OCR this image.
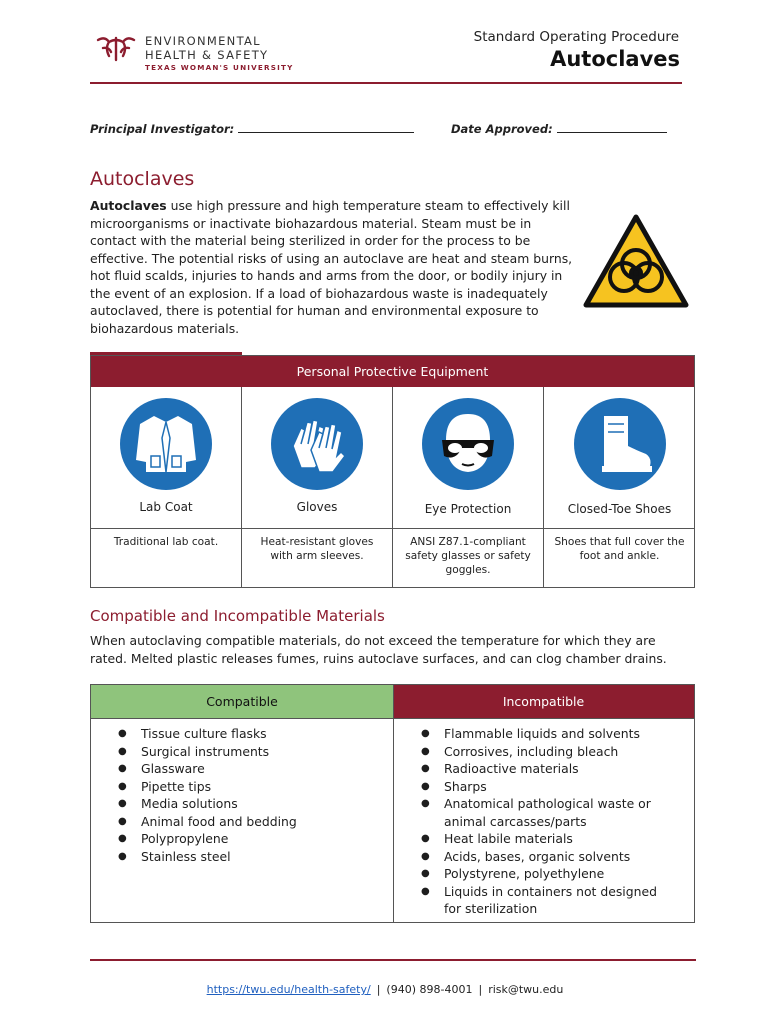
ENVIRONMENTAL
HEALTH & SAFETY
TEXAS WOMAN'S UNIVERSITY
Standard Operating Procedure
Autoclaves
Principal Investigator:	Date Approved:
Autoclaves
Autoclaves use high pressure and high temperature steam to effectively kill microorganisms or inactivate biohazardous material. Steam must be in contact with the material being sterilized in order for the process to be effective. The potential risks of using an autoclave are heat and steam burns, hot fluid scalds, injuries to hands and arms from the door, or bodily injury in the event of an explosion. If a load of biohazardous waste is inadequately autoclaved, there is potential for human and environmental exposure to biohazardous materials.
Personal Protective Equipment
Lab Coat
Traditional lab coat.
Gloves
Heat-resistant gloves with arm sleeves.
Eye Protection
ANSI Z87.1-compliant safety glasses or safety goggles.
Closed-Toe Shoes
Shoes that full cover the foot and ankle.
Compatible and Incompatible Materials
When autoclaving compatible materials, do not exceed the temperature for which they are rated. Melted plastic releases fumes, ruins autoclave surfaces, and can clog chamber drains.
Compatible	Incompatible
● Tissue culture flasks
● Surgical instruments
● Glassware
● Pipette tips
● Media solutions
● Animal food and bedding
● Polypropylene
● Stainless steel
● Flammable liquids and solvents
● Corrosives, including bleach
● Radioactive materials
● Sharps
● Anatomical pathological waste or animal carcasses/parts
● Heat labile materials
● Acids, bases, organic solvents
● Polystyrene, polyethylene
● Liquids in containers not designed for sterilization
https://twu.edu/health-safety/ | (940) 898-4001 | risk@twu.edu
